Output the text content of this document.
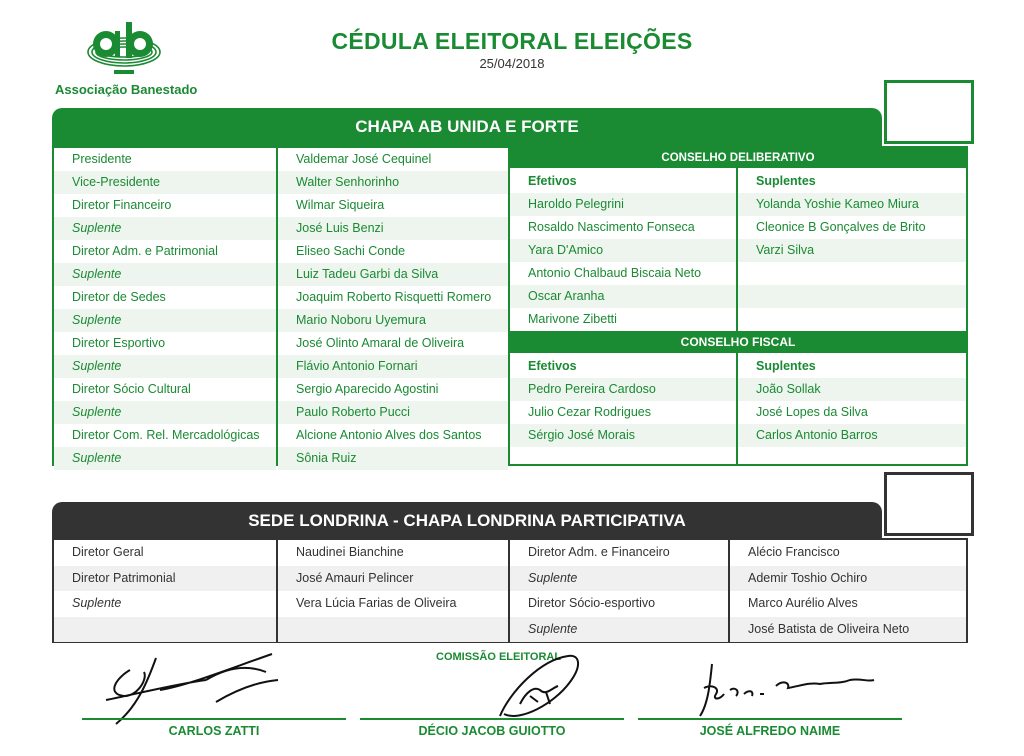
Associação Banestado
CÉDULA ELEITORAL ELEIÇÕES
25/04/2018
CHAPA AB UNIDA E FORTE
Presidente
Vice-Presidente
Diretor Financeiro
Suplente
Diretor Adm. e Patrimonial
Suplente
Diretor de Sedes
Suplente
Diretor Esportivo
Suplente
Diretor Sócio Cultural
Suplente
Diretor Com. Rel. Mercadológicas
Suplente
Valdemar José Cequinel
Walter Senhorinho
Wilmar Siqueira
José Luis Benzi
Eliseo Sachi Conde
Luiz Tadeu Garbi da Silva
Joaquim Roberto Risquetti Romero
Mario Noboru Uyemura
José Olinto Amaral de Oliveira
Flávio Antonio Fornari
Sergio Aparecido Agostini
Paulo Roberto Pucci
Alcione Antonio Alves dos Santos
Sônia Ruiz
CONSELHO DELIBERATIVO
Efetivos
Haroldo Pelegrini
Rosaldo Nascimento Fonseca
Yara D'Amico
Antonio Chalbaud Biscaia Neto
Oscar Aranha
Marivone Zibetti
Suplentes
Yolanda Yoshie Kameo Miura
Cleonice B Gonçalves de Brito
Varzi Silva
CONSELHO FISCAL
Efetivos
Pedro Pereira Cardoso
Julio Cezar Rodrigues
Sérgio José Morais
Suplentes
João Sollak
José Lopes da Silva
Carlos Antonio Barros
SEDE LONDRINA - CHAPA LONDRINA PARTICIPATIVA
Diretor Geral
Diretor Patrimonial
Suplente
Naudinei Bianchine
José Amauri Pelincer
Vera Lúcia Farias de Oliveira
Diretor Adm. e Financeiro
Suplente
Diretor Sócio-esportivo
Suplente
Alécio Francisco
Ademir Toshio Ochiro
Marco Aurélio Alves
José Batista de Oliveira Neto
COMISSÃO ELEITORAL
CARLOS ZATTI	DÉCIO JACOB GUIOTTO	JOSÉ ALFREDO NAIME
